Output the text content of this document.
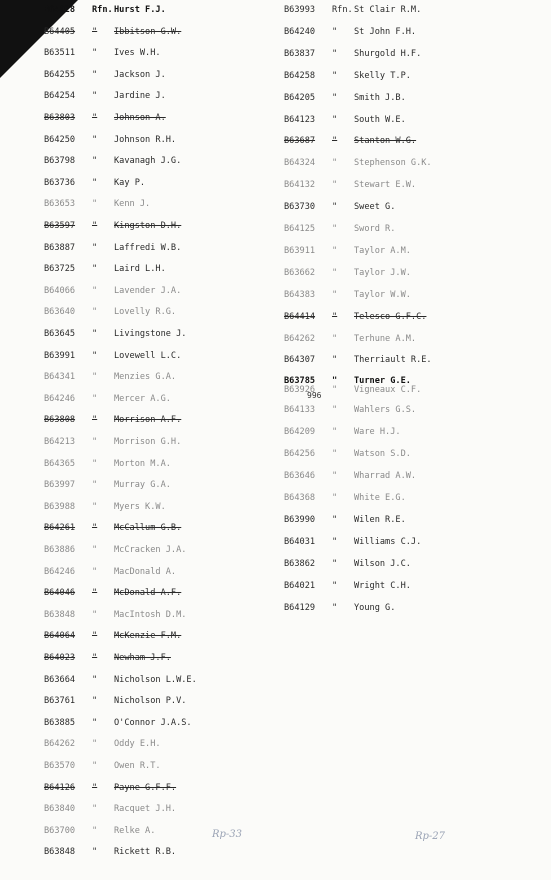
B64028 Rfn. Hurst F.J.
B64405 " Ibbitson G.W.
B63511 " Ives W.H.
B64255 " Jackson J.
B64254 " Jardine J.
B63803 " Johnson A.
B64250 " Johnson R.H.
B63798 " Kavanagh J.G.
B63736 " Kay P.
B63653 " Kenn J.
B63597 " Kingston D.H.
B63887 " Laffredi W.B.
B63725 " Laird L.H.
B64066 " Lavender J.A.
B63640 " Lovelly R.G.
B63645 " Livingstone J.
B63991 " Lovewell L.C.
B64341 " Menzies G.A.
B64246 " Mercer A.G.
B63808 " Morrison A.F.
B64213 " Morrison G.H.
B64365 " Morton M.A.
B63997 " Murray G.A.
B63988 " Myers K.W.
B64261 " McCallum G.B.
B63886 " McCracken J.A.
B64246 " MacDonald A.
B64046 " McDonald A.F.
B63848 " MacIntosh D.M.
B64064 " McKenzie F.M.
B64023 " Newham J.F.
B63664 " Nicholson L.W.E.
B63761 " Nicholson P.V.
B63885 " O'Connor J.A.S.
B64262 " Oddy E.H.
B63570 " Owen R.T.
B64126 " Payne G.F.F.
B63840 " Racquet J.H.
B63700 " Relke A.
B63848 " Rickett R.B.
B63993 Rfn. St Clair R.M.
B64240 " St John F.H.
B63837 " Shurgold H.F.
B64258 " Skelly T.P.
B64205 " Smith J.B.
B64123 " South W.E.
B63687 " Stanton W.G.
B64324 " Stephenson G.K.
B64132 " Stewart E.W.
B63730 " Sweet G.
B64125 " Sword R.
B63911 " Taylor A.M.
B63662 " Taylor J.W.
B64383 " Taylor W.W.
B64414 " Telesco G.F.C.
B64262 " Terhune A.M.
B64307 " Therriault R.E.
B63785 " Turner G.E.
B63926 " Vigneaux C.F.
B64133 " Wahlers G.S.
B64209 " Ware H.J.
B64256 " Watson S.D.
B63646 " Wharrad A.W.
B64368 " White E.G.
B63990 " Wilen R.E.
B64031 " Williams C.J.
B63862 " Wilson J.C.
B64021 " Wright C.H.
B64129 " Young G.
996
Rp-33	Rp-27
